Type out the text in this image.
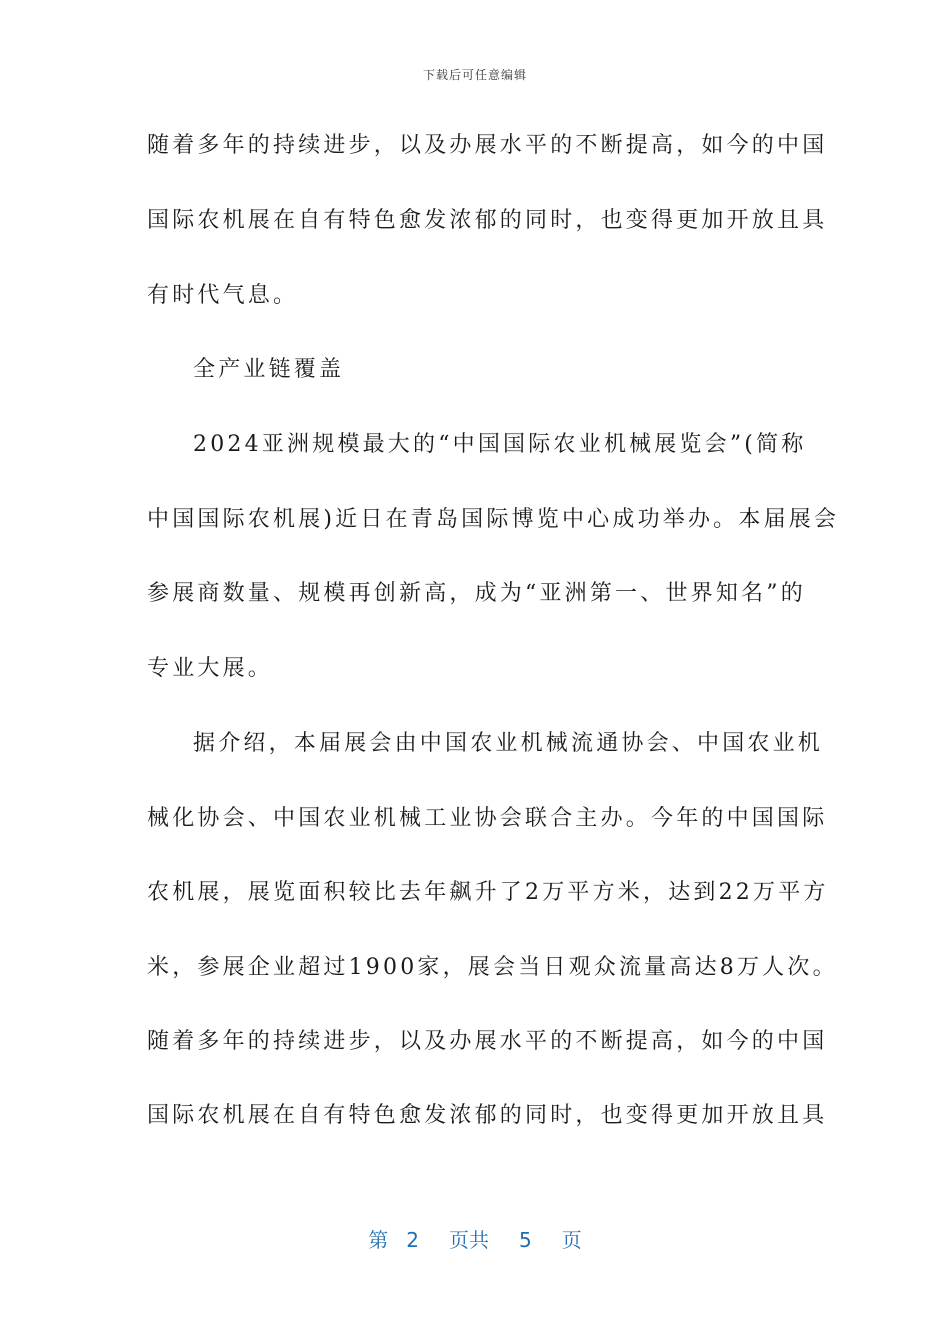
下载后可任意编辑
随着多年的持续进步，以及办展水平的不断提高，如今的中国
国际农机展在自有特色愈发浓郁的同时，也变得更加开放且具
有时代气息。
全产业链覆盖
2024亚洲规模最大的“中国国际农业机械展览会”(简称
中国国际农机展)近日在青岛国际博览中心成功举办。本届展会
参展商数量、规模再创新高，成为“亚洲第一、世界知名”的
专业大展。
据介绍，本届展会由中国农业机械流通协会、中国农业机
械化协会、中国农业机械工业协会联合主办。今年的中国国际
农机展，展览面积较比去年飙升了2万平方米，达到22万平方
米，参展企业超过1900家，展会当日观众流量高达8万人次。
随着多年的持续进步，以及办展水平的不断提高，如今的中国
国际农机展在自有特色愈发浓郁的同时，也变得更加开放且具
第 2 页共 5 页
